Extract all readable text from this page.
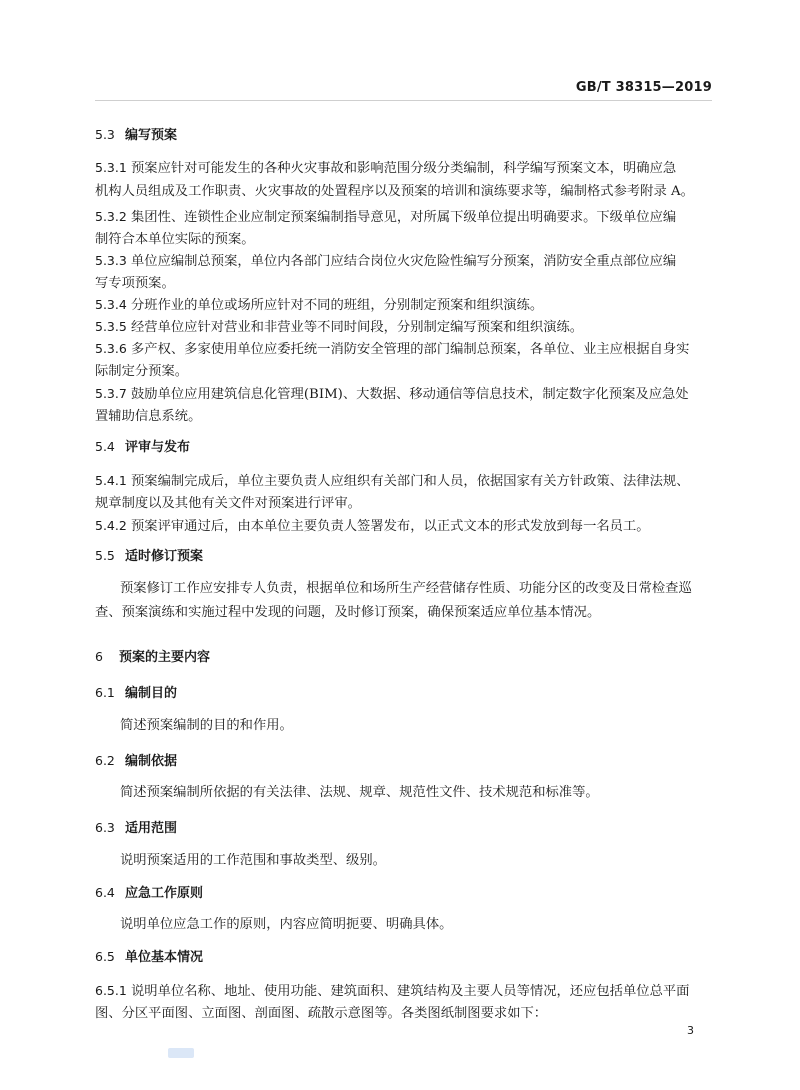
GB/T 38315—2019
5.3 编写预案
5.3.1 预案应针对可能发生的各种火灾事故和影响范围分级分类编制，科学编写预案文本，明确应急
机构人员组成及工作职责、火灾事故的处置程序以及预案的培训和演练要求等，编制格式参考附录 A。
5.3.2 集团性、连锁性企业应制定预案编制指导意见，对所属下级单位提出明确要求。下级单位应编
制符合本单位实际的预案。
5.3.3 单位应编制总预案，单位内各部门应结合岗位火灾危险性编写分预案，消防安全重点部位应编
写专项预案。
5.3.4 分班作业的单位或场所应针对不同的班组，分别制定预案和组织演练。
5.3.5 经营单位应针对营业和非营业等不同时间段，分别制定编写预案和组织演练。
5.3.6 多产权、多家使用单位应委托统一消防安全管理的部门编制总预案，各单位、业主应根据自身实
际制定分预案。
5.3.7 鼓励单位应用建筑信息化管理(BIM)、大数据、移动通信等信息技术，制定数字化预案及应急处
置辅助信息系统。
5.4 评审与发布
5.4.1 预案编制完成后，单位主要负责人应组织有关部门和人员，依据国家有关方针政策、法律法规、
规章制度以及其他有关文件对预案进行评审。
5.4.2 预案评审通过后，由本单位主要负责人签署发布，以正式文本的形式发放到每一名员工。
5.5 适时修订预案
预案修订工作应安排专人负责，根据单位和场所生产经营储存性质、功能分区的改变及日常检查巡
查、预案演练和实施过程中发现的问题，及时修订预案，确保预案适应单位基本情况。
6 预案的主要内容
6.1 编制目的
简述预案编制的目的和作用。
6.2 编制依据
简述预案编制所依据的有关法律、法规、规章、规范性文件、技术规范和标准等。
6.3 适用范围
说明预案适用的工作范围和事故类型、级别。
6.4 应急工作原则
说明单位应急工作的原则，内容应简明扼要、明确具体。
6.5 单位基本情况
6.5.1 说明单位名称、地址、使用功能、建筑面积、建筑结构及主要人员等情况，还应包括单位总平面
图、分区平面图、立面图、剖面图、疏散示意图等。各类图纸制图要求如下：
3
